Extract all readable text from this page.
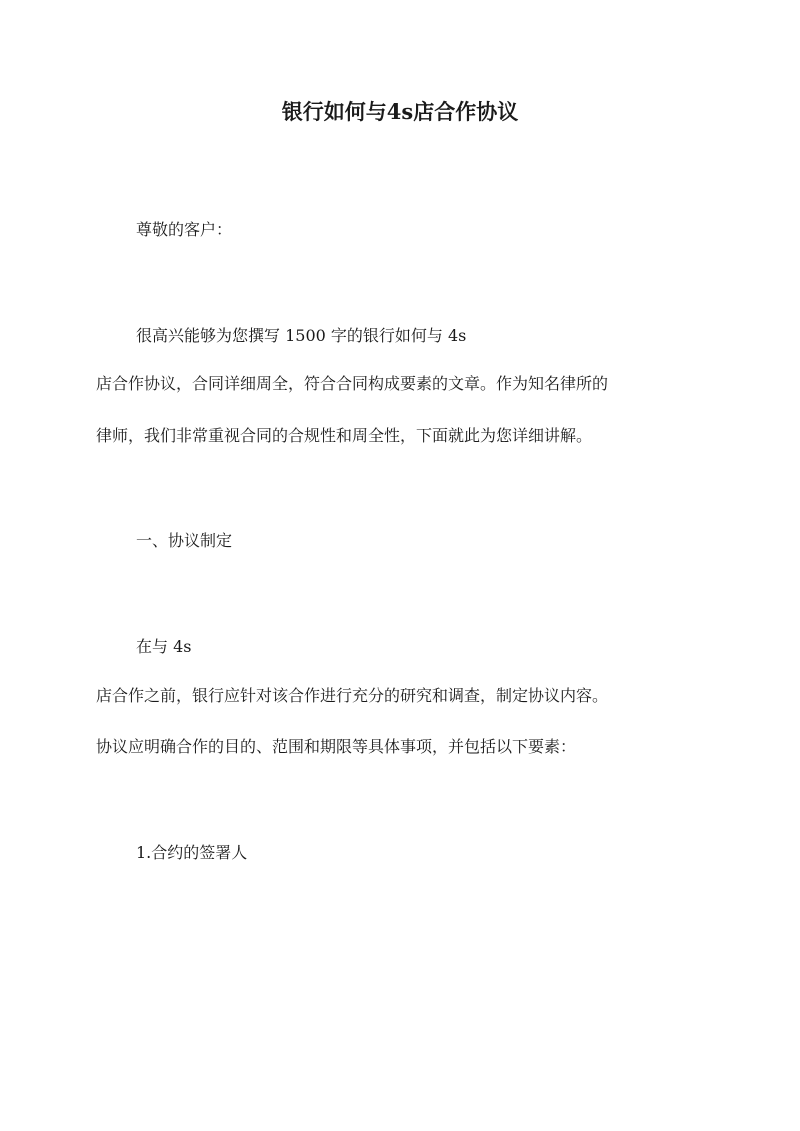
银行如何与4s店合作协议

尊敬的客户：

很高兴能够为您撰写 1500 字的银行如何与 4s

店合作协议，合同详细周全，符合合同构成要素的文章。作为知名律所的

律师，我们非常重视合同的合规性和周全性，下面就此为您详细讲解。

一、协议制定

在与 4s

店合作之前，银行应针对该合作进行充分的研究和调查，制定协议内容。

协议应明确合作的目的、范围和期限等具体事项，并包括以下要素：

1.合约的签署人
